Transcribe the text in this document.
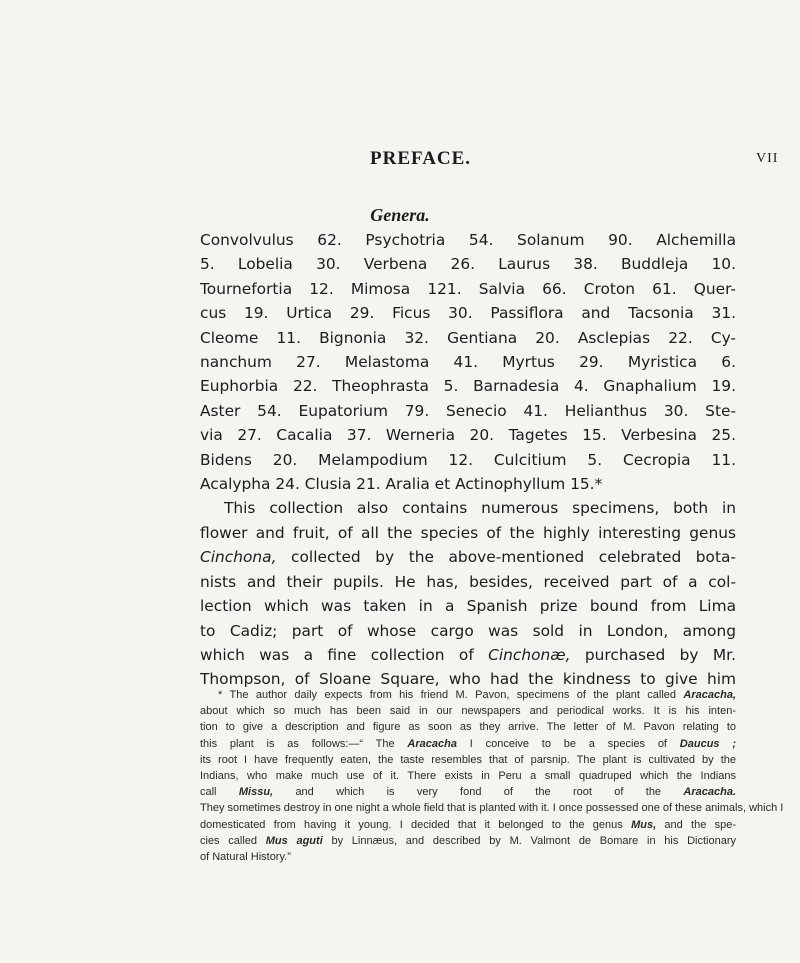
PREFACE.	VII
Genera.
Convolvulus 62. Psychotria 54. Solanum 90. Alchemilla
5. Lobelia 30. Verbena 26. Laurus 38. Buddleja 10.
Tournefortia 12. Mimosa 121. Salvia 66. Croton 61. Quer-
cus 19. Urtica 29. Ficus 30. Passiflora and Tacsonia 31.
Cleome 11. Bignonia 32. Gentiana 20. Asclepias 22. Cy-
nanchum 27. Melastoma 41. Myrtus 29. Myristica 6.
Euphorbia 22. Theophrasta 5. Barnadesia 4. Gnaphalium 19.
Aster 54. Eupatorium 79. Senecio 41. Helianthus 30. Ste-
via 27. Cacalia 37. Werneria 20. Tagetes 15. Verbesina 25.
Bidens 20. Melampodium 12. Culcitium 5. Cecropia 11.
Acalypha 24. Clusia 21. Aralia et Actinophyllum 15.*
This collection also contains numerous specimens, both in
flower and fruit, of all the species of the highly interesting genus
Cinchona, collected by the above-mentioned celebrated bota-
nists and their pupils. He has, besides, received part of a col-
lection which was taken in a Spanish prize bound from Lima
to Cadiz; part of whose cargo was sold in London, among
which was a fine collection of Cinchonæ, purchased by Mr.
Thompson, of Sloane Square, who had the kindness to give him
* The author daily expects from his friend M. Pavon, specimens of the plant called Aracacha,
about which so much has been said in our newspapers and periodical works. It is his inten-
tion to give a description and figure as soon as they arrive. The letter of M. Pavon relating to
this plant is as follows:—“ The Aracacha I conceive to be a species of Daucus ;
its root I have frequently eaten, the taste resembles that of parsnip. The plant is cultivated by the
Indians, who make much use of it. There exists in Peru a small quadruped which the Indians
call Missu, and which is very fond of the root of the Aracacha.
They sometimes destroy in one night a whole field that is planted with it. I once possessed one of these animals, which I
domesticated from having it young. I decided that it belonged to the genus Mus, and the spe-
cies called Mus aguti by Linnæus, and described by M. Valmont de Bomare in his Dictionary
of Natural History.”
